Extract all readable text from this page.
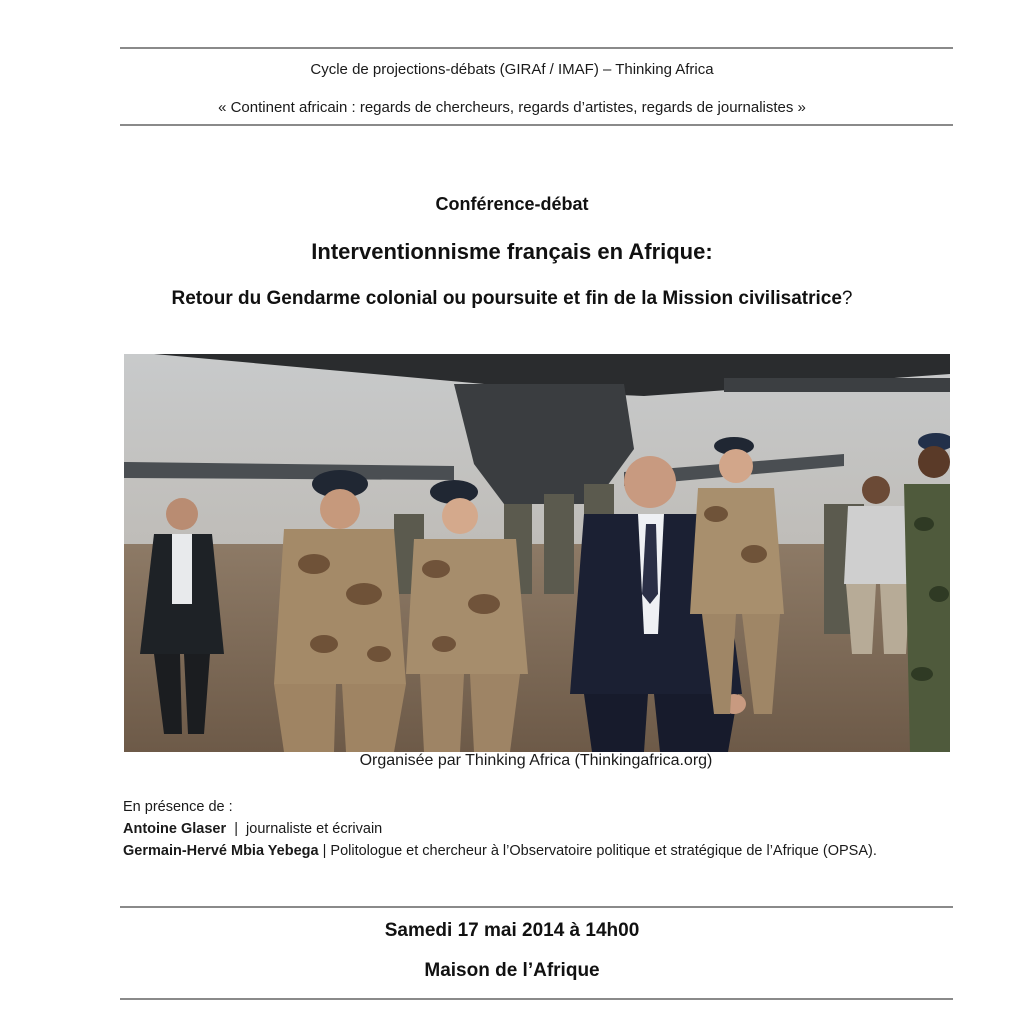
Cycle de projections-débats (GIRAf / IMAF) – Thinking Africa
« Continent africain : regards de chercheurs, regards d’artistes, regards de journalistes »
Conférence-débat
Interventionnisme français en Afrique:
Retour du Gendarme colonial ou poursuite et fin de la Mission civilisatrice?
Organisée par Thinking Africa (Thinkingafrica.org)

En présence de :

Antoine Glaser  |  journaliste et écrivain

Germain-Hervé Mbia Yebega | Politologue et chercheur à l’Observatoire politique et stratégique de l’Afrique (OPSA).

Samedi 17 mai 2014 à 14h00
Maison de l’Afrique
